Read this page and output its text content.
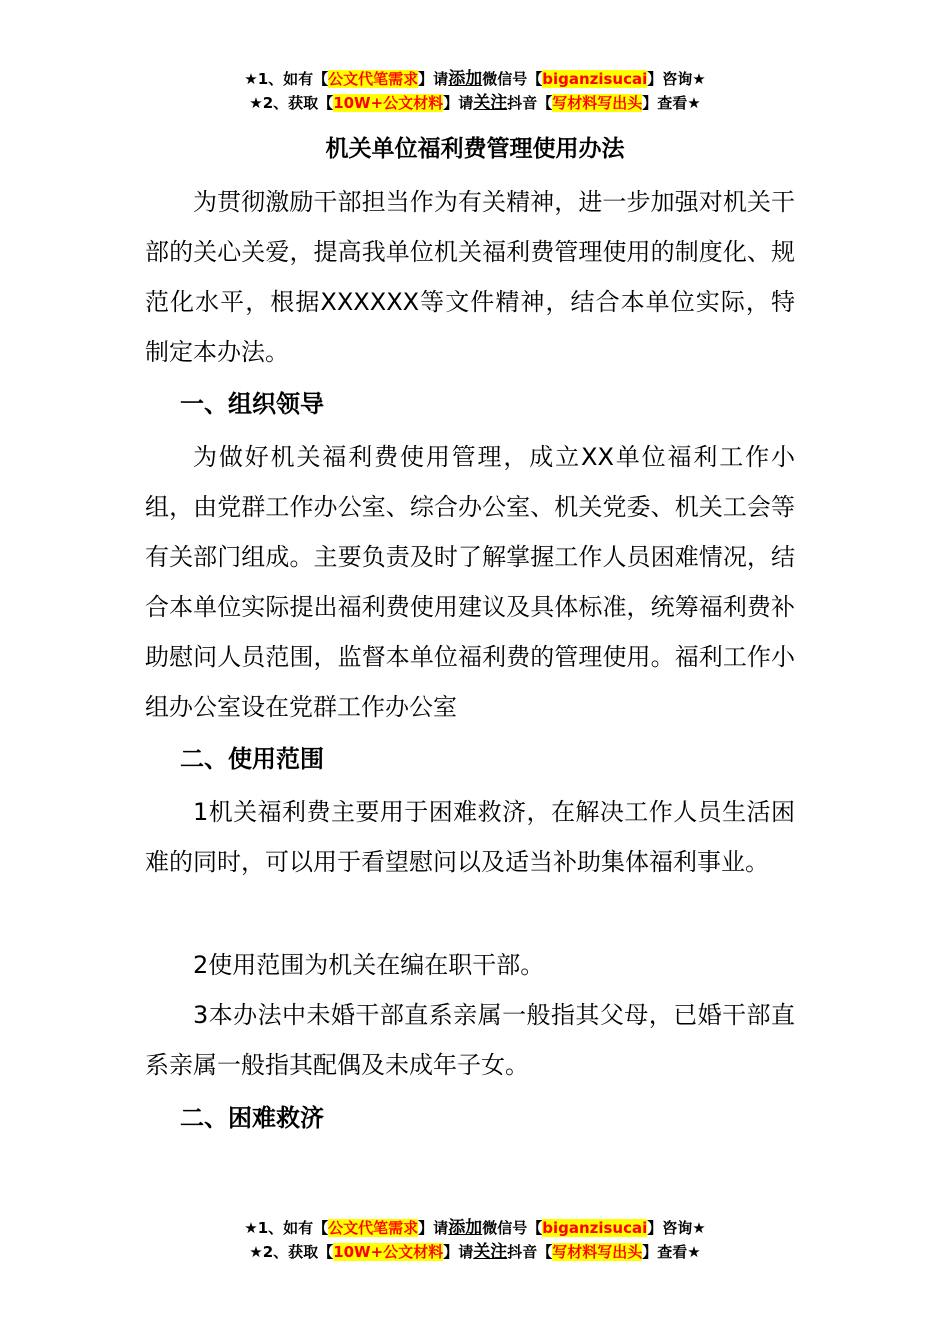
★1、如有【公文代笔需求】请添加微信号【biganzisucai】咨询★
★2、获取【10W+公文材料】请关注抖音【写材料写出头】查看★
机关单位福利费管理使用办法

为贯彻激励干部担当作为有关精神，进一步加强对机关干部的关心关爱，提高我单位机关福利费管理使用的制度化、规范化水平，根据XXXXXX等文件精神，结合本单位实际，特制定本办法。

一、组织领导

为做好机关福利费使用管理，成立XX单位福利工作小组，由党群工作办公室、综合办公室、机关党委、机关工会等有关部门组成。主要负责及时了解掌握工作人员困难情况，结合本单位实际提出福利费使用建议及具体标准，统筹福利费补助慰问人员范围，监督本单位福利费的管理使用。福利工作小组办公室设在党群工作办公室

二、使用范围

1机关福利费主要用于困难救济，在解决工作人员生活困难的同时，可以用于看望慰问以及适当补助集体福利事业。

2使用范围为机关在编在职干部。

3本办法中未婚干部直系亲属一般指其父母，已婚干部直系亲属一般指其配偶及未成年子女。

二、困难救济

★1、如有【公文代笔需求】请添加微信号【biganzisucai】咨询★
★2、获取【10W+公文材料】请关注抖音【写材料写出头】查看★
